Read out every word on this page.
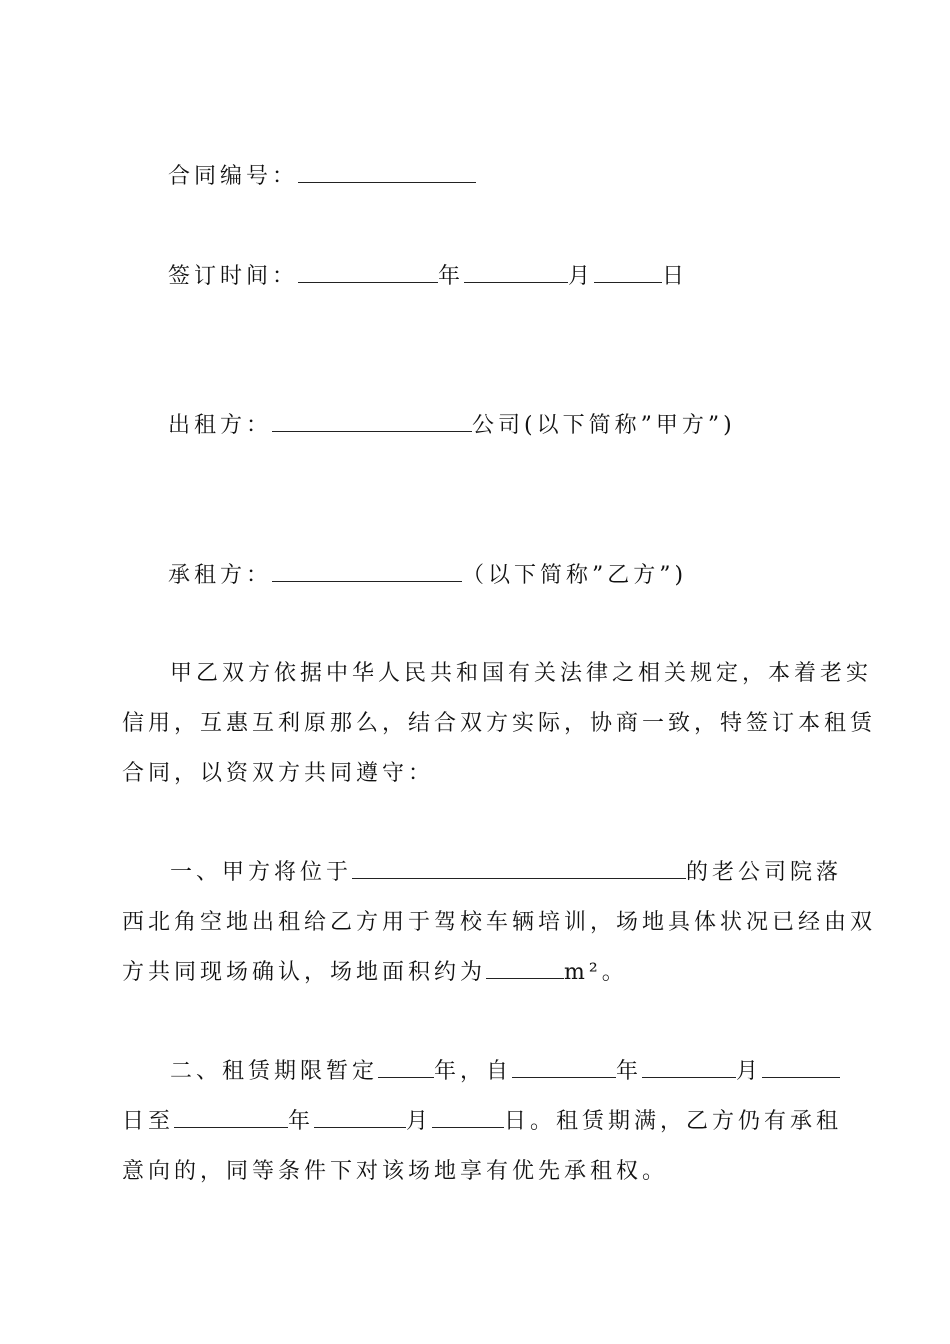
合同编号：
签订时间：	年	月	日
出租方：	公司(以下简称”甲方”)
承租方：	（以下简称”乙方”)
甲乙双方依据中华人民共和国有关法律之相关规定，本着老实
信用，互惠互利原那么，结合双方实际，协商一致，特签订本租赁
合同，以资双方共同遵守：
一、甲方将位于	的老公司院落
西北角空地出租给乙方用于驾校车辆培训，场地具体状况已经由双
方共同现场确认，场地面积约为	m²。
二、租赁期限暂定	年，自	年	月
日至	年	月	日。租赁期满，乙方仍有承租
意向的，同等条件下对该场地享有优先承租权。
